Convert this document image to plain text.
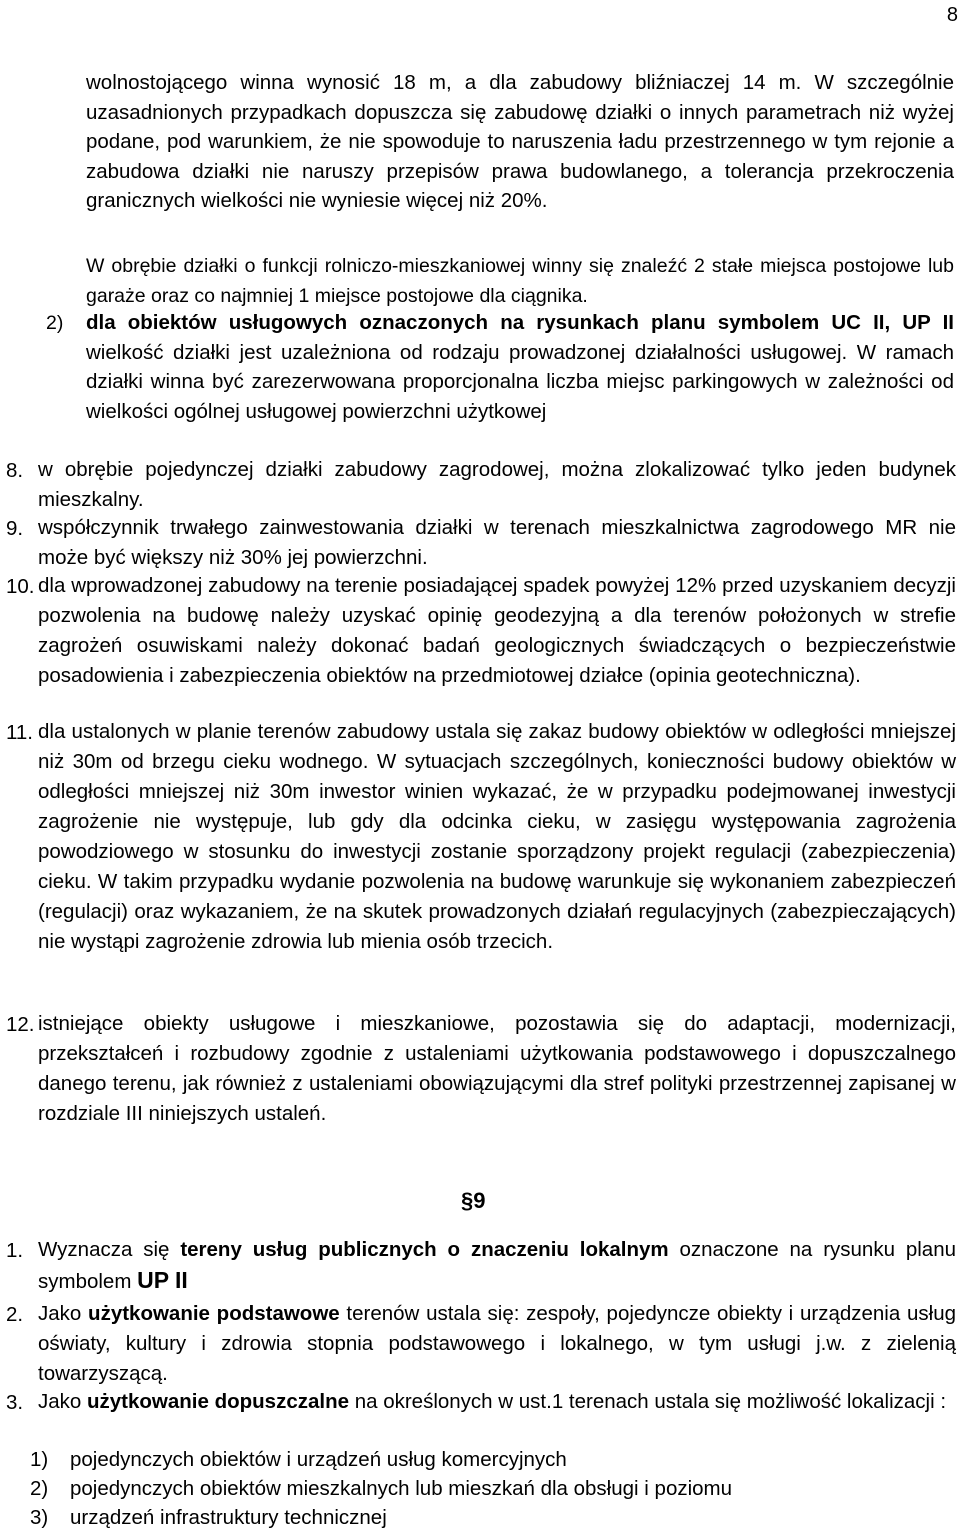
8

wolnostojącego winna wynosić 18 m, a dla zabudowy bliźniaczej 14 m. W szczególnie uzasadnionych przypadkach dopuszcza się zabudowę działki o innych parametrach niż wyżej podane, pod warunkiem, że nie spowoduje to naruszenia ładu przestrzennego w tym rejonie a zabudowa działki nie naruszy przepisów prawa budowlanego, a tolerancja przekroczenia granicznych wielkości nie wyniesie więcej niż 20%.

W obrębie działki o funkcji rolniczo-mieszkaniowej winny się znaleźć 2 stałe miejsca postojowe lub garaże oraz co najmniej 1 miejsce postojowe dla ciągnika.

2) dla obiektów usługowych oznaczonych na rysunkach planu symbolem UC II, UP II wielkość działki jest uzależniona od rodzaju prowadzonej działalności usługowej. W ramach działki winna być zarezerwowana proporcjonalna liczba miejsc parkingowych w zależności od wielkości ogólnej usługowej powierzchni użytkowej

8. w obrębie pojedynczej działki zabudowy zagrodowej, można zlokalizować tylko jeden budynek mieszkalny.

9. współczynnik trwałego zainwestowania działki w terenach mieszkalnictwa zagrodowego MR nie może być większy niż 30% jej powierzchni.

10. dla wprowadzonej zabudowy na terenie posiadającej spadek powyżej 12% przed uzyskaniem decyzji pozwolenia na budowę należy uzyskać opinię geodezyjną a dla terenów położonych w strefie zagrożeń osuwiskami należy dokonać badań geologicznych świadczących o bezpieczeństwie posadowienia i zabezpieczenia obiektów na przedmiotowej działce (opinia geotechniczna).

11. dla ustalonych w planie terenów zabudowy ustala się zakaz budowy obiektów w odległości mniejszej niż 30m od brzegu cieku wodnego. W sytuacjach szczególnych, konieczności budowy obiektów w odległości mniejszej niż 30m inwestor winien wykazać, że w przypadku podejmowanej inwestycji zagrożenie nie występuje, lub gdy dla odcinka cieku, w zasięgu występowania zagrożenia powodziowego w stosunku do inwestycji zostanie sporządzony projekt regulacji (zabezpieczenia) cieku. W takim przypadku wydanie pozwolenia na budowę warunkuje się wykonaniem zabezpieczeń (regulacji) oraz wykazaniem, że na skutek prowadzonych działań regulacyjnych (zabezpieczających) nie wystąpi zagrożenie zdrowia lub mienia osób trzecich.

12. istniejące obiekty usługowe i mieszkaniowe, pozostawia się do adaptacji, modernizacji, przekształceń i rozbudowy zgodnie z ustaleniami użytkowania podstawowego i dopuszczalnego danego terenu, jak również z ustaleniami obowiązującymi dla stref polityki przestrzennej zapisanej w rozdziale III niniejszych ustaleń.

§9
1. Wyznacza się tereny usług publicznych o znaczeniu lokalnym oznaczone na rysunku planu symbolem UP II

2. Jako użytkowanie podstawowe terenów ustala się: zespoły, pojedyncze obiekty i urządzenia usług oświaty, kultury i zdrowia stopnia podstawowego i lokalnego, w tym usługi j.w. z zielenią towarzyszącą.

3. Jako użytkowanie dopuszczalne na określonych w ust.1 terenach ustala się możliwość lokalizacji :

1) pojedynczych obiektów i urządzeń usług komercyjnych
2) pojedynczych obiektów mieszkalnych lub mieszkań dla obsługi i poziomu
3) urządzeń infrastruktury technicznej
